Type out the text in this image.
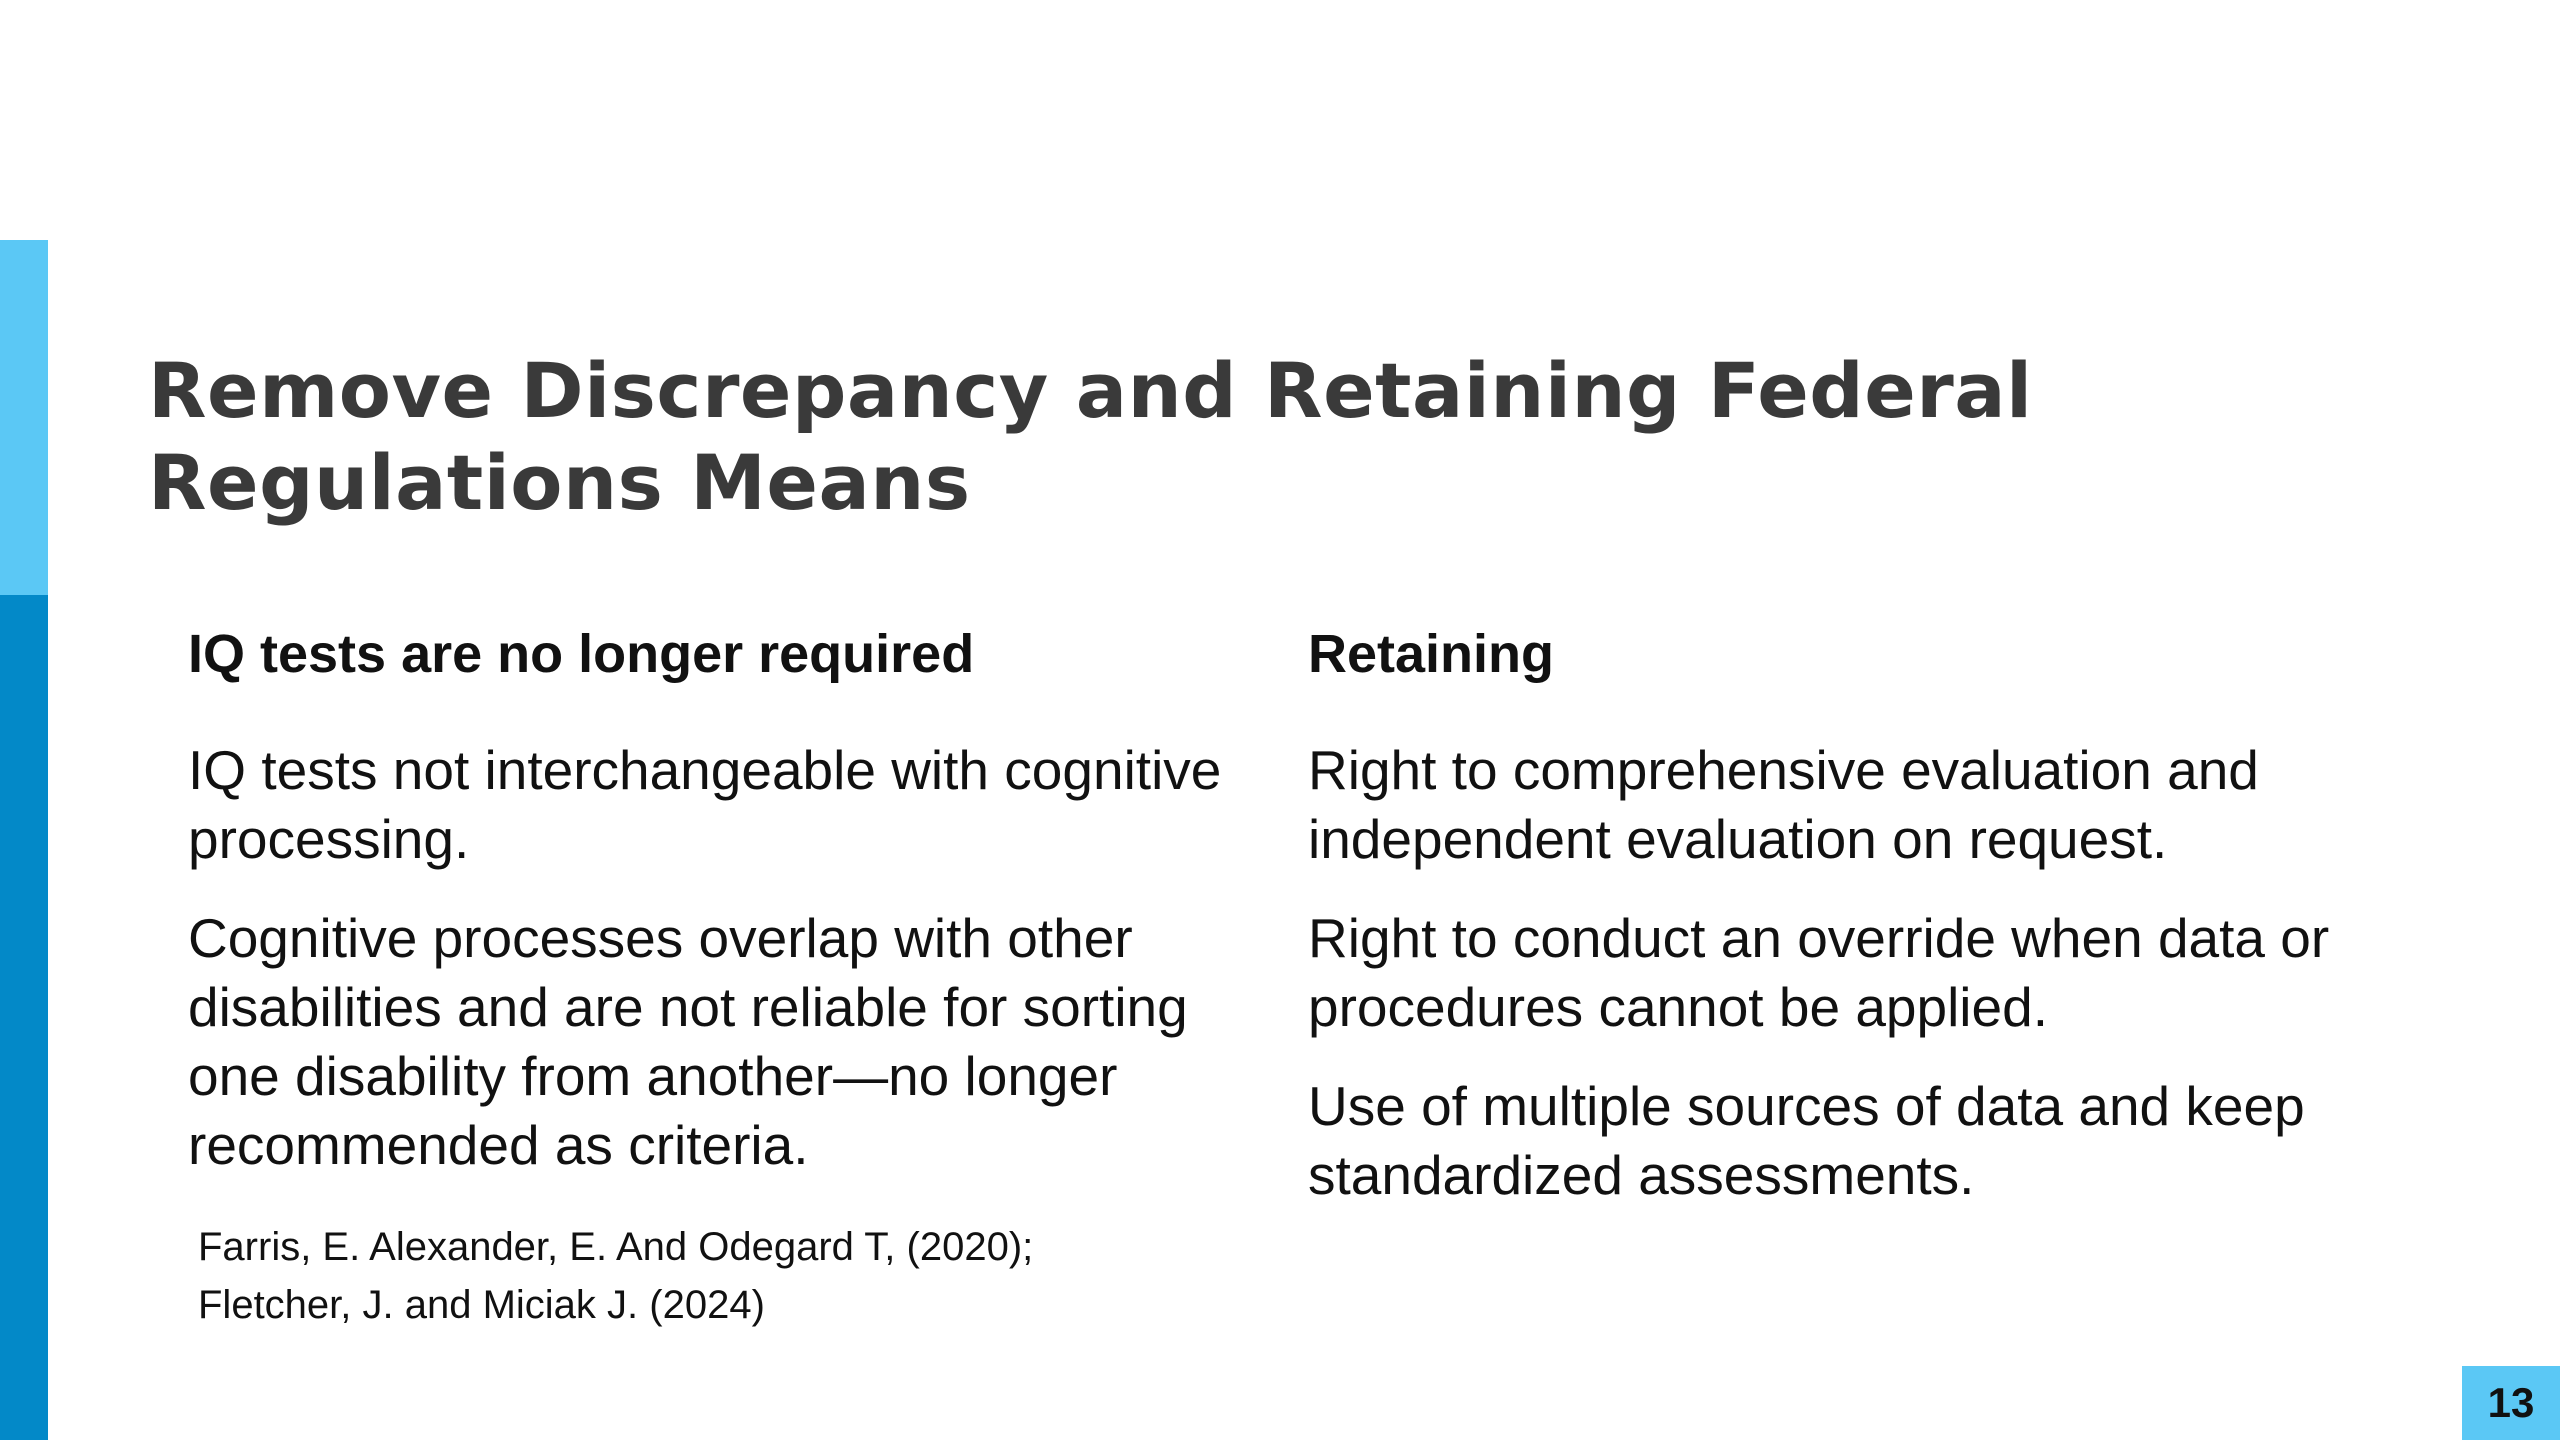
Remove Discrepancy and Retaining Federal
Regulations Means

IQ tests are no longer required

IQ tests not interchangeable with cognitive processing.

Cognitive processes overlap with other disabilities and are not reliable for sorting one disability from another—no longer recommended as criteria.

Retaining

Right to comprehensive evaluation and independent evaluation on request.

Right to conduct an override when data or procedures cannot be applied.

Use of multiple sources of data and keep standardized assessments.

Farris, E. Alexander, E. And Odegard T, (2020);
Fletcher, J. and Miciak J. (2024)

13
